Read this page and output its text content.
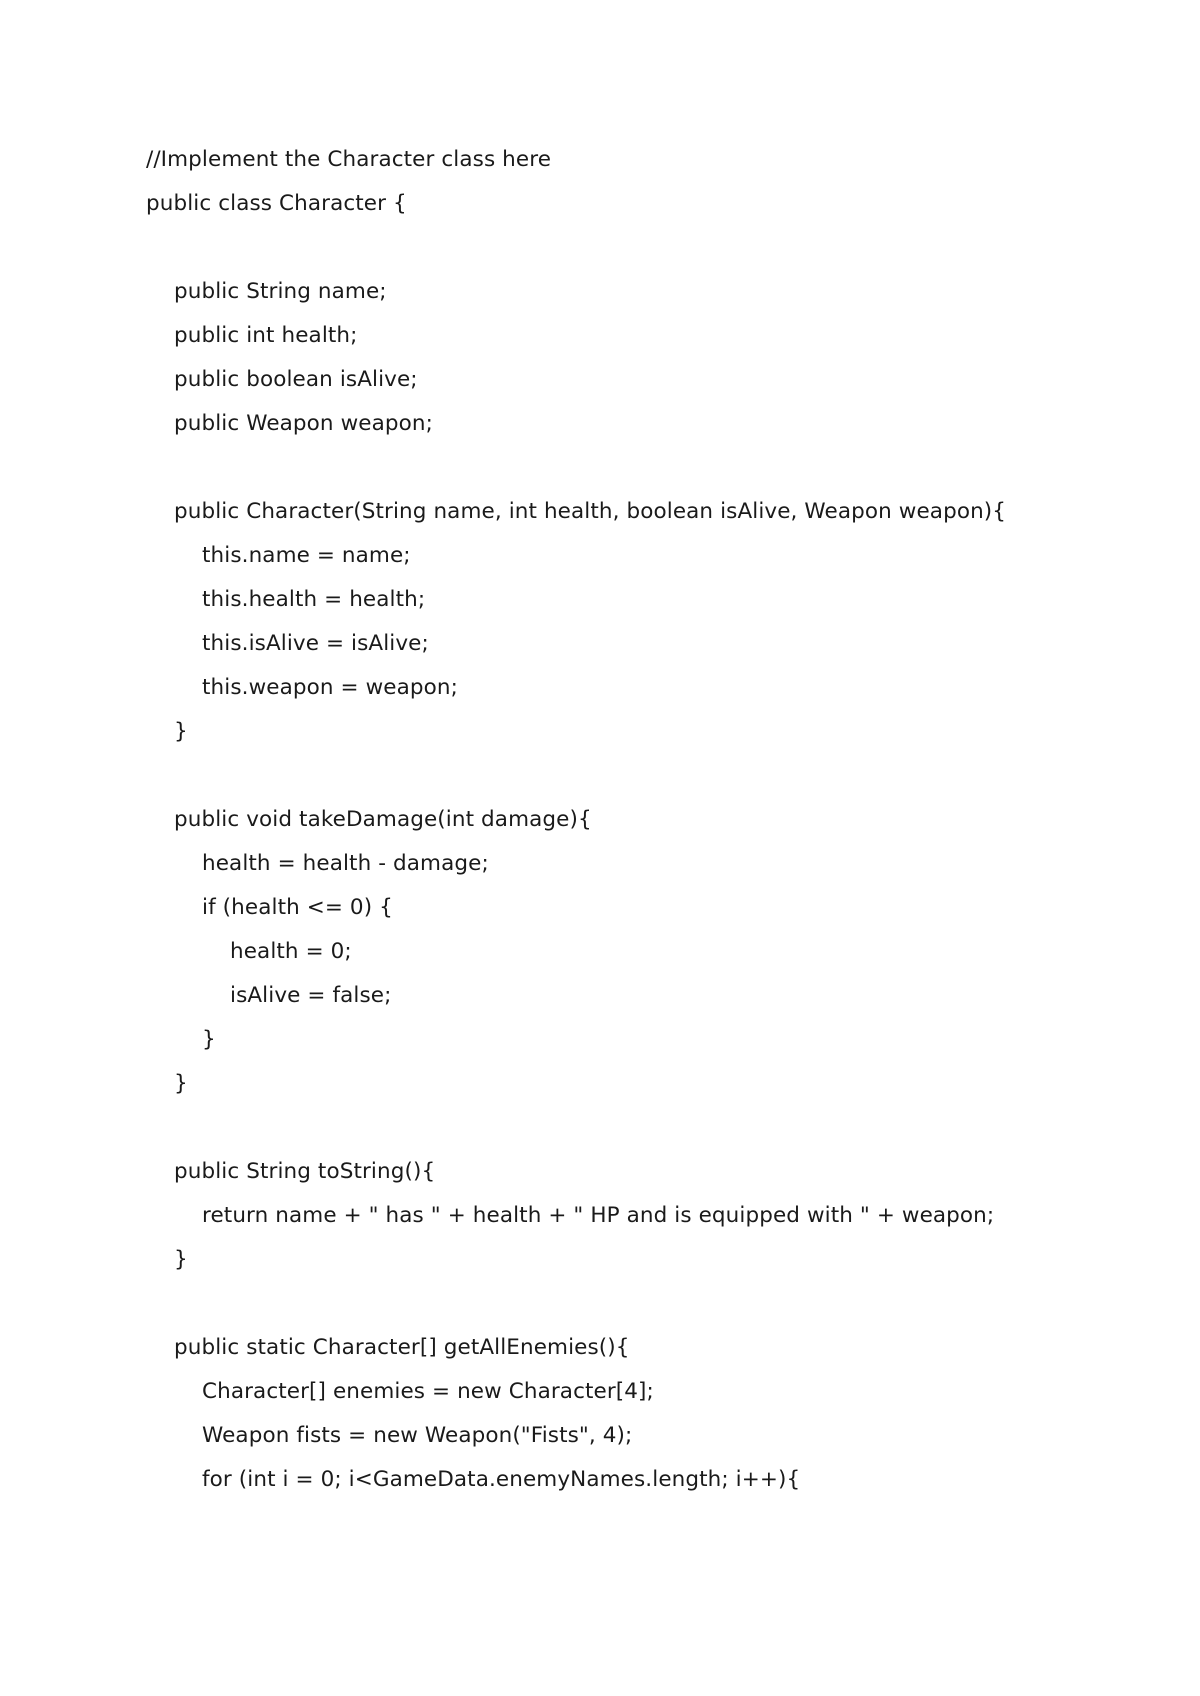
//Implement the Character class here
public class Character {
public String name;
public int health;
public boolean isAlive;
public Weapon weapon;
public Character(String name, int health, boolean isAlive, Weapon weapon){
this.name = name;
this.health = health;
this.isAlive = isAlive;
this.weapon = weapon;
}
public void takeDamage(int damage){
health = health - damage;
if (health <= 0) {
health = 0;
isAlive = false;
}
}
public String toString(){
return name + " has " + health + " HP and is equipped with " + weapon;
}
public static Character[] getAllEnemies(){
Character[] enemies = new Character[4];
Weapon fists = new Weapon("Fists", 4);
for (int i = 0; i<GameData.enemyNames.length; i++){
